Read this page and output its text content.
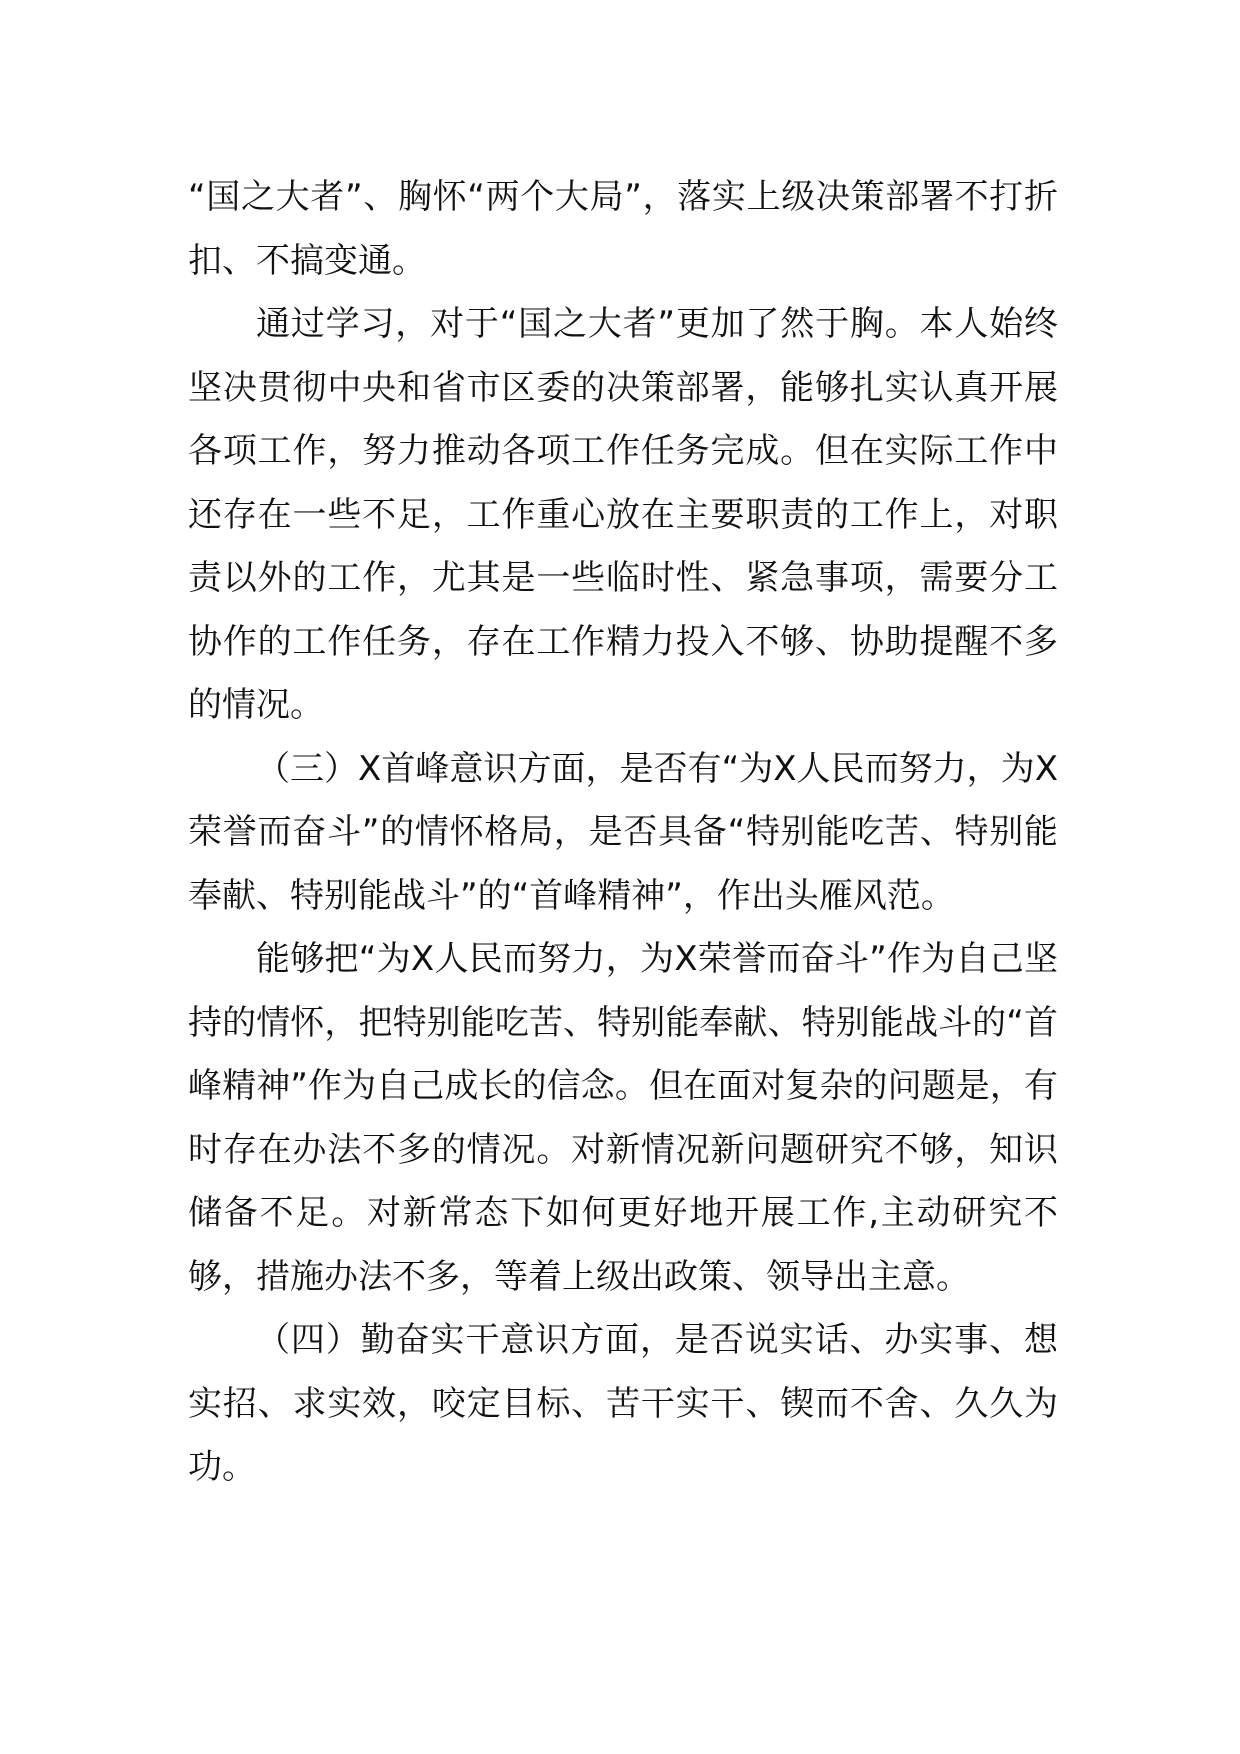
“国之大者”、胸怀“两个大局”，落实上级决策部署不打折扣、不搞变通。

通过学习，对于“国之大者”更加了然于胸。本人始终坚决贯彻中央和省市区委的决策部署，能够扎实认真开展各项工作，努力推动各项工作任务完成。但在实际工作中还存在一些不足，工作重心放在主要职责的工作上，对职责以外的工作，尤其是一些临时性、紧急事项，需要分工协作的工作任务，存在工作精力投入不够、协助提醒不多的情况。

（三）X首峰意识方面，是否有“为X人民而努力，为X荣誉而奋斗”的情怀格局，是否具备“特别能吃苦、特别能奉献、特别能战斗”的“首峰精神”，作出头雁风范。

能够把“为X人民而努力，为X荣誉而奋斗”作为自己坚持的情怀，把特别能吃苦、特别能奉献、特别能战斗的“首峰精神”作为自己成长的信念。但在面对复杂的问题是，有时存在办法不多的情况。对新情况新问题研究不够，知识储备不足。对新常态下如何更好地开展工作,主动研究不够，措施办法不多，等着上级出政策、领导出主意。

（四）勤奋实干意识方面，是否说实话、办实事、想实招、求实效，咬定目标、苦干实干、锲而不舍、久久为功。
